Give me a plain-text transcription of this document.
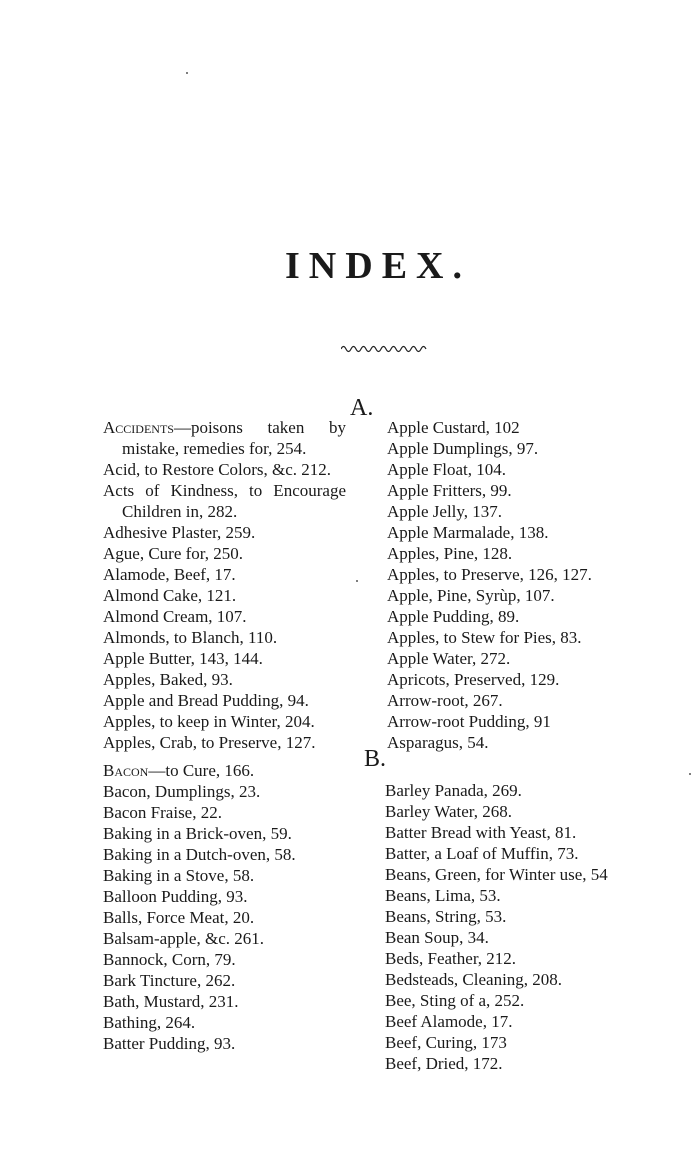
INDEX.
A.
Accidents—poisons taken by
mistake, remedies for, 254.
Acid, to Restore Colors, &c. 212.
Acts of Kindness, to Encourage
Children in, 282.
Adhesive Plaster, 259.
Ague, Cure for, 250.
Alamode, Beef, 17.
Almond Cake, 121.
Almond Cream, 107.
Almonds, to Blanch, 110.
Apple Butter, 143, 144.
Apples, Baked, 93.
Apple and Bread Pudding, 94.
Apples, to keep in Winter, 204.
Apples, Crab, to Preserve, 127.
Apple Custard, 102
Apple Dumplings, 97.
Apple Float, 104.
Apple Fritters, 99.
Apple Jelly, 137.
Apple Marmalade, 138.
Apples, Pine, 128.
Apples, to Preserve, 126, 127.
Apple, Pine, Syrùp, 107.
Apple Pudding, 89.
Apples, to Stew for Pies, 83.
Apple Water, 272.
Apricots, Preserved, 129.
Arrow-root, 267.
Arrow-root Pudding, 91
Asparagus, 54.
B.
Bacon—to Cure, 166.
Bacon, Dumplings, 23.
Bacon Fraise, 22.
Baking in a Brick-oven, 59.
Baking in a Dutch-oven, 58.
Baking in a Stove, 58.
Balloon Pudding, 93.
Balls, Force Meat, 20.
Balsam-apple, &c. 261.
Bannock, Corn, 79.
Bark Tincture, 262.
Bath, Mustard, 231.
Bathing, 264.
Batter Pudding, 93.
Barley Panada, 269.
Barley Water, 268.
Batter Bread with Yeast, 81.
Batter, a Loaf of Muffin, 73.
Beans, Green, for Winter use, 54
Beans, Lima, 53.
Beans, String, 53.
Bean Soup, 34.
Beds, Feather, 212.
Bedsteads, Cleaning, 208.
Bee, Sting of a, 252.
Beef Alamode, 17.
Beef, Curing, 173
Beef, Dried, 172.
